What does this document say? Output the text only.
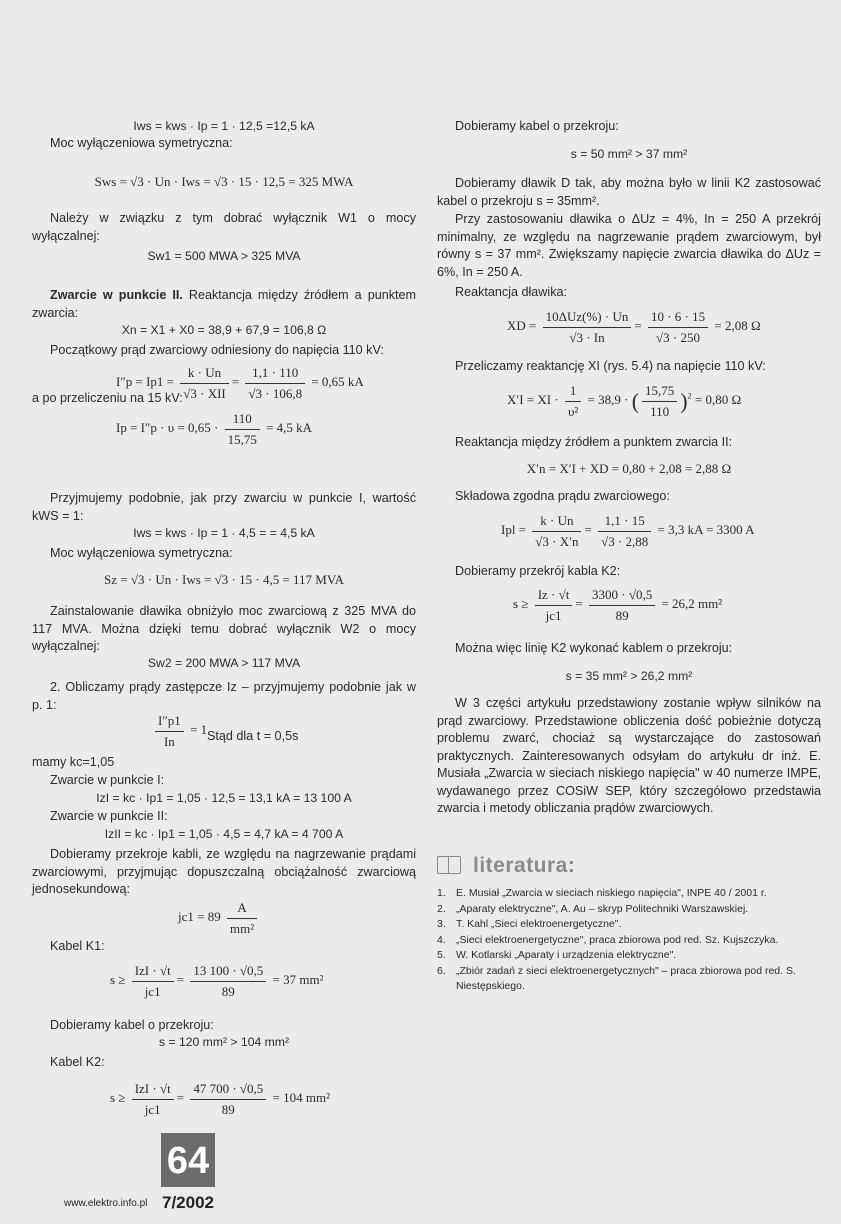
Iws = kws · Ip = 1 · 12,5 =12,5 kA
Moc wyłączeniowa symetryczna:
Sws = √3 · Un · Iws = √3 · 15 · 12,5 = 325 MWA
Należy w związku z tym dobrać wyłącznik W1 o mocy wyłączalnej:
Sw1 = 500 MWA > 325 MVA
Zwarcie w punkcie II. Reaktancja między źródłem a punktem zwarcia:
Xn = X1 + X0 = 38,9 + 67,9 = 106,8 Ω
Początkowy prąd zwarciowy odniesiony do napięcia 110 kV:
$I''p = Ip1 = \frac{k \cdot Un}{\text{√3 · XII}} = \frac{1,1 \cdot 110}{√3 \cdot 106,8} = 0,65$ kA
a po przeliczeniu na 15 kV:
$Ip = I''p \cdot \upsilon = 0,65 \cdot \frac{110}{15,75} = 4,5$ kA
Przyjmujemy podobnie, jak przy zwarciu w punkcie I, wartość kWS = 1:
Iws = kws · Ip = 1 · 4,5 = = 4,5 kA
Moc wyłączeniowa symetryczna:
Sz = √3 · Un · Iws = √3 · 15 · 4,5 = 117 MVA
Zainstalowanie dławika obniżyło moc zwarciową z 325 MVA do 117 MVA. Można dzięki temu dobrać wyłącznik W2 o mocy wyłączalnej:
Sw2 = 200 MWA > 117 MVA
2. Obliczamy prądy zastępcze Iz – przyjmujemy podobnie jak w p. 1:
$\frac{I''p1}{In} = 1$ Stąd dla t = 0,5s
mamy kc=1,05
Zwarcie w punkcie I:
IzI = kc · Ip1 = 1,05 · 12,5 = 13,1 kA = 13 100 A
Zwarcie w punkcie II:
IzII = kc · Ip1 = 1,05 · 4,5 = 4,7 kA = 4 700 A
Dobieramy przekroje kabli, ze względu na nagrzewanie prądami zwarciowymi, przyjmując dopuszczalną obciążalność zwarciową jednosekundową:
$jc1 = 89 \frac{A}{\text{mm²}}$
Kabel K1:
$s \ge \frac{\text{IzI · √t}}{jc1} = \frac{13 100 \cdot √0,5}{89} = 37$ mm²
Dobieramy kabel o przekroju:
s = 120 mm² > 104 mm²
Kabel K2:
$s \ge \frac{\text{IzI · √t}}{jc1} = \frac{47 700 \cdot √0,5}{89} = 104$ mm²
Dobieramy kabel o przekroju:
s = 50 mm² > 37 mm²
Dobieramy dławik D tak, aby można było w linii K2 zastosować kabel o przekroju s = 35mm².
Przy zastosowaniu dławika o ΔUz = 4%, In = 250 A przekrój minimalny, ze względu na nagrzewanie prądem zwarciowym, był równy s = 37 mm². Zwiększamy napięcie zwarcia dławika do ΔUz = 6%, In = 250 A.
Reaktancja dławika:
XD = $\frac{\text{10ΔUz(\%) · Un}}{√3 \cdot In} = \frac{10 \cdot 6 \cdot 15}{√3 \cdot 250} = 2,08$ Ω
Przeliczamy reaktancję XI (rys. 5.4) na napięcie 110 kV:
X′I = XI · $\frac{1}{\text{υ²}} = 38,9$ · ( $\frac{15,75}{110} )^2 = 0,80$ Ω
Reaktancja między źródłem a punktem zwarcia II:
X′n = X′I + XD = 0,80 + 2,08 = 2,88 Ω
Składowa zgodna prądu zwarciowego:
Ipl = $\frac{k \cdot Un}{√3 \cdot X'n} = \frac{1,1 \cdot 15}{√3 \cdot 2,88} = 3,3$ kA = 3300 A
Dobieramy przekrój kabla K2:
$s \ge \frac{Iz \cdot √t}{jc1} = \frac{3300 \cdot √0,5}{89} = 26,2$ mm²
Można więc linię K2 wykonać kablem o przekroju:
s = 35 mm² > 26,2 mm²
W 3 części artykułu przedstawiony zostanie wpływ silników na prąd zwarciowy. Przedstawione obliczenia dość pobieżnie dotyczą problemu zwarć, chociaż są wystarczające do zastosowań praktycznych. Zainteresowanych odsyłam do artykułu dr inż. E. Musiała „Zwarcia w sieciach niskiego napięcia" w 40 numerze IMPE, wydawanego przez COSiW SEP, który szczegółowo przedstawia zwarcia i metody obliczania prądów zwarciowych.
literatura:
1. E. Musiał „Zwarcia w sieciach niskiego napięcia", INPE 40 / 2001 r.
2. „Aparaty elektryczne", A. Au – skryp Politechniki Warszawskiej.
3. T. Kahl „Sieci elektroenergetyczne".
4. „Sieci elektroenergetyczne", praca zbiorowa pod red. Sz. Kujszczyka.
5. W. Kotlarski „Aparaty i urządzenia elektryczne".
6. „Zbiór zadań z sieci elektroenergetycznych" – praca zbiorowa pod red. S. Niestępskiego.
64
www.elektro.info.pl 7/2002
